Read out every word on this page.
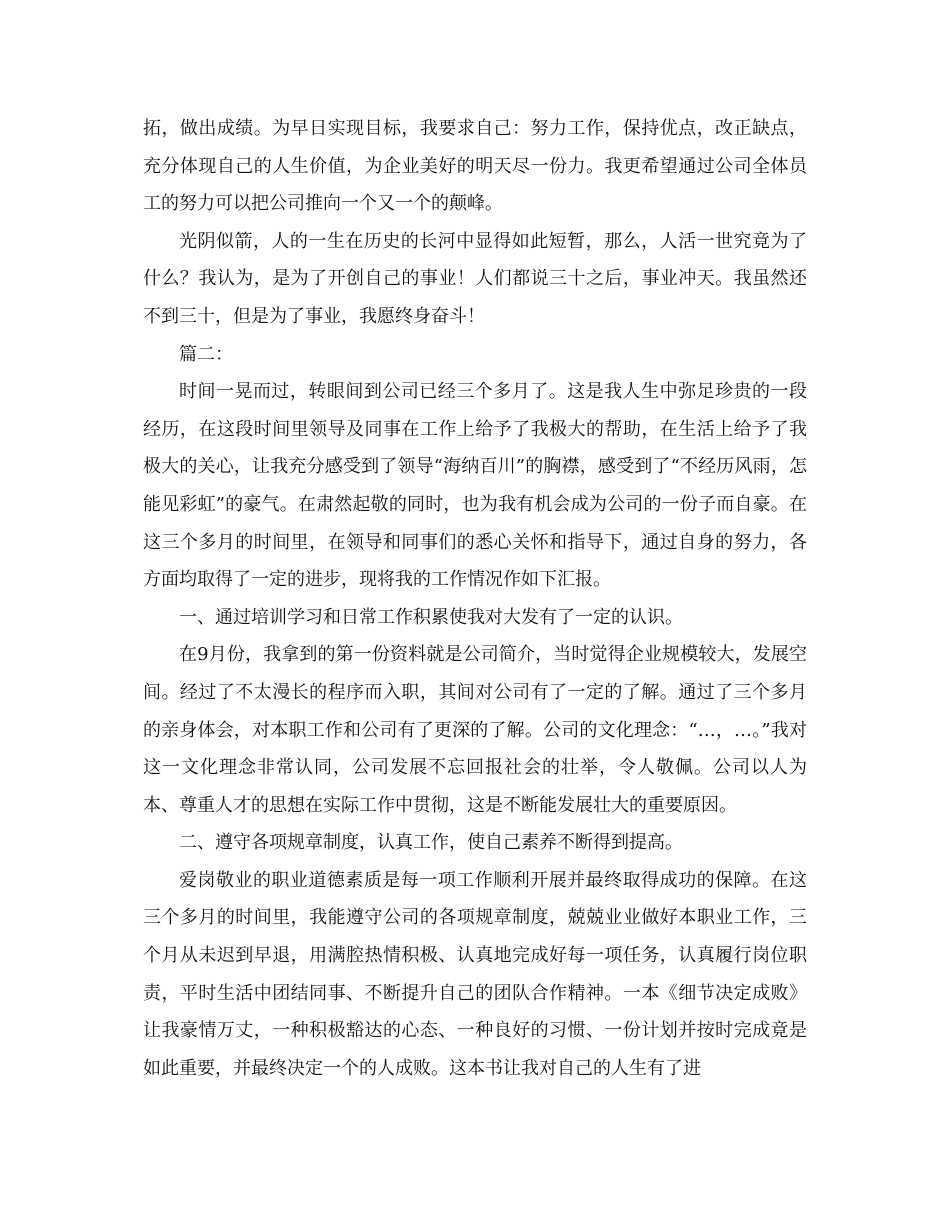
拓，做出成绩。为早日实现目标，我要求自己：努力工作，保持优点，改正缺点，充分体现自己的人生价值，为企业美好的明天尽一份力。我更希望通过公司全体员工的努力可以把公司推向一个又一个的颠峰。

光阴似箭，人的一生在历史的长河中显得如此短暂，那么，人活一世究竟为了什么？我认为，是为了开创自己的事业！人们都说三十之后，事业冲天。我虽然还不到三十，但是为了事业，我愿终身奋斗！

篇二：

时间一晃而过，转眼间到公司已经三个多月了。这是我人生中弥足珍贵的一段经历，在这段时间里领导及同事在工作上给予了我极大的帮助，在生活上给予了我极大的关心，让我充分感受到了领导“海纳百川”的胸襟，感受到了“不经历风雨，怎能见彩虹”的豪气。在肃然起敬的同时，也为我有机会成为公司的一份子而自豪。在这三个多月的时间里，在领导和同事们的悉心关怀和指导下，通过自身的努力，各方面均取得了一定的进步，现将我的工作情况作如下汇报。

一、通过培训学习和日常工作积累使我对大发有了一定的认识。

在9月份，我拿到的第一份资料就是公司简介，当时觉得企业规模较大，发展空间。经过了不太漫长的程序而入职，其间对公司有了一定的了解。通过了三个多月的亲身体会，对本职工作和公司有了更深的了解。公司的文化理念：“…，…。”我对这一文化理念非常认同，公司发展不忘回报社会的壮举，令人敬佩。公司以人为本、尊重人才的思想在实际工作中贯彻，这是不断能发展壮大的重要原因。

二、遵守各项规章制度，认真工作，使自己素养不断得到提高。

爱岗敬业的职业道德素质是每一项工作顺利开展并最终取得成功的保障。在这三个多月的时间里，我能遵守公司的各项规章制度，兢兢业业做好本职业工作，三个月从未迟到早退，用满腔热情积极、认真地完成好每一项任务，认真履行岗位职责，平时生活中团结同事、不断提升自己的团队合作精神。一本《细节决定成败》让我豪情万丈，一种积极豁达的心态、一种良好的习惯、一份计划并按时完成竟是如此重要，并最终决定一个的人成败。这本书让我对自己的人生有了进
